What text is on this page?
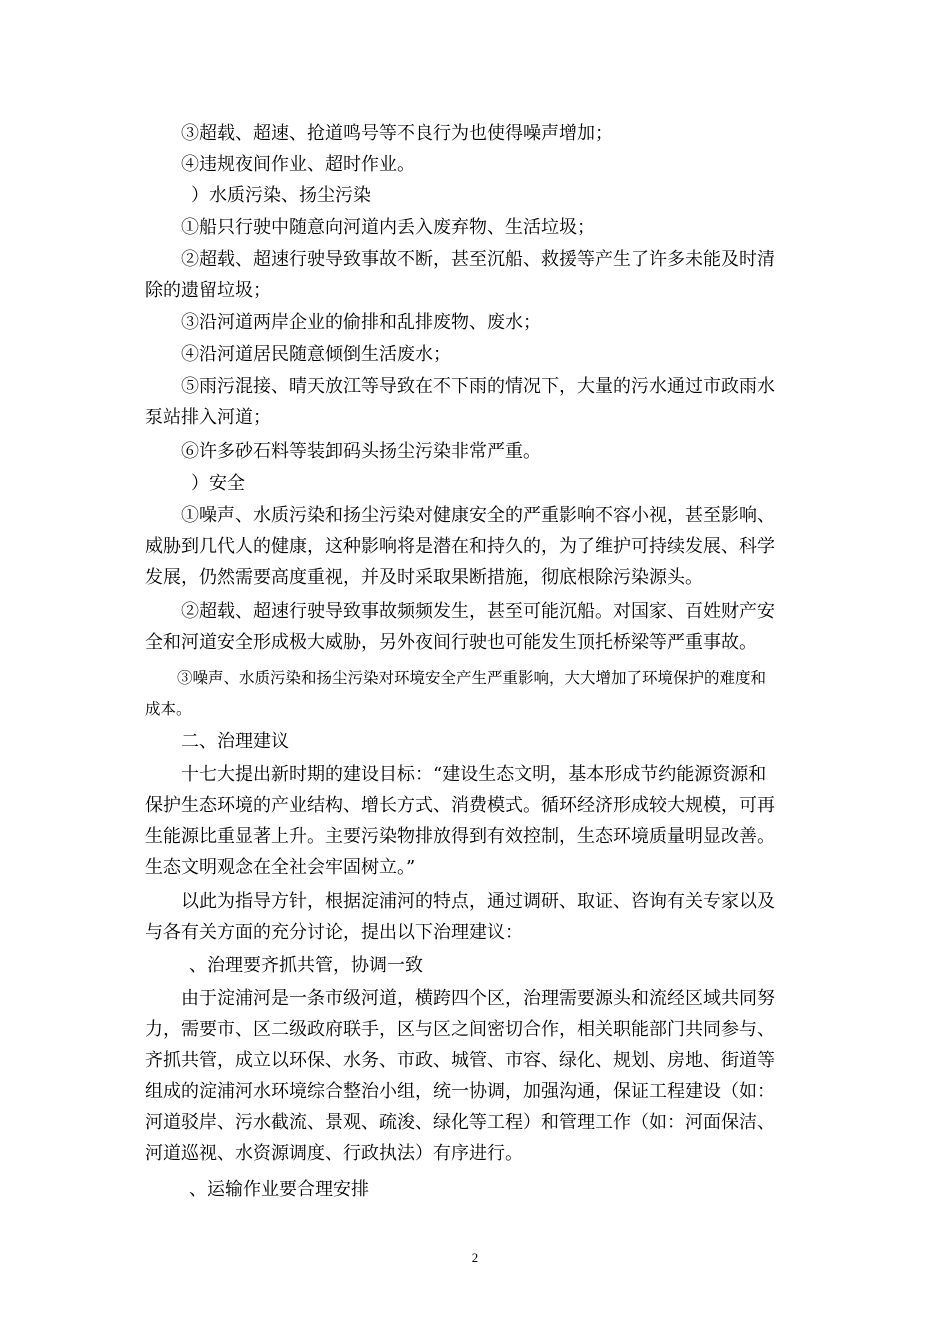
③超载、超速、抢道鸣号等不良行为也使得噪声增加；
④违规夜间作业、超时作业。
）水质污染、扬尘污染
①船只行驶中随意向河道内丢入废弃物、生活垃圾；
②超载、超速行驶导致事故不断，甚至沉船、救援等产生了许多未能及时清
除的遗留垃圾；
③沿河道两岸企业的偷排和乱排废物、废水；
④沿河道居民随意倾倒生活废水；
⑤雨污混接、晴天放江等导致在不下雨的情况下，大量的污水通过市政雨水
泵站排入河道；
⑥许多砂石料等装卸码头扬尘污染非常严重。
）安全
①噪声、水质污染和扬尘污染对健康安全的严重影响不容小视，甚至影响、
威胁到几代人的健康，这种影响将是潜在和持久的，为了维护可持续发展、科学
发展，仍然需要高度重视，并及时采取果断措施，彻底根除污染源头。
②超载、超速行驶导致事故频频发生，甚至可能沉船。对国家、百姓财产安
全和河道安全形成极大威胁，另外夜间行驶也可能发生顶托桥梁等严重事故。
③噪声、水质污染和扬尘污染对环境安全产生严重影响，大大增加了环境保护的难度和
成本。
二、治理建议
十七大提出新时期的建设目标：“建设生态文明，基本形成节约能源资源和
保护生态环境的产业结构、增长方式、消费模式。循环经济形成较大规模，可再
生能源比重显著上升。主要污染物排放得到有效控制，生态环境质量明显改善。
生态文明观念在全社会牢固树立。”
以此为指导方针，根据淀浦河的特点，通过调研、取证、咨询有关专家以及
与各有关方面的充分讨论，提出以下治理建议：
、治理要齐抓共管，协调一致
由于淀浦河是一条市级河道，横跨四个区，治理需要源头和流经区域共同努
力，需要市、区二级政府联手，区与区之间密切合作，相关职能部门共同参与、
齐抓共管，成立以环保、水务、市政、城管、市容、绿化、规划、房地、街道等
组成的淀浦河水环境综合整治小组，统一协调，加强沟通，保证工程建设（如：
河道驳岸、污水截流、景观、疏浚、绿化等工程）和管理工作（如：河面保洁、
河道巡视、水资源调度、行政执法）有序进行。
、运输作业要合理安排
2
